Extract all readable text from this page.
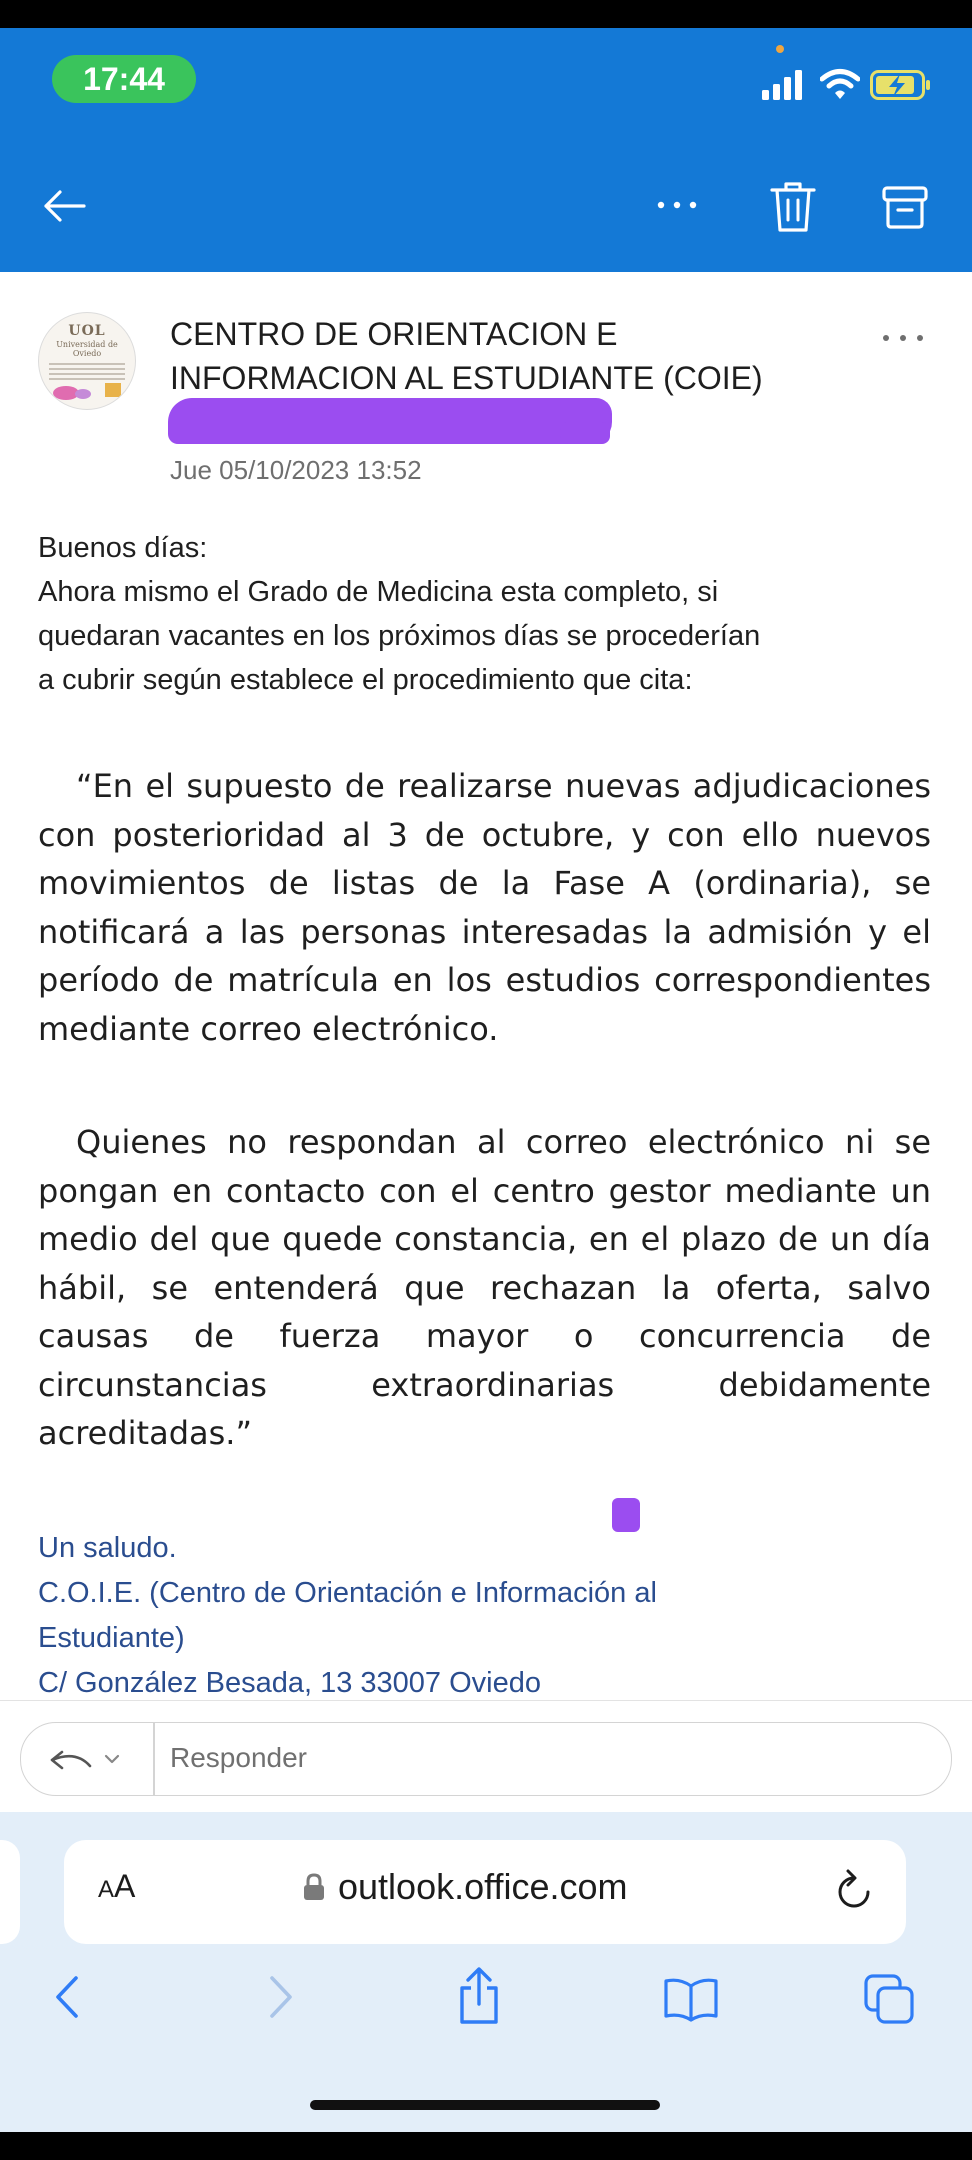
17:44
UOL
Universidad de Oviedo
CENTRO DE ORIENTACION E INFORMACION AL ESTUDIANTE (COIE)
Jue 05/10/2023 13:52
Buenos días:
Ahora mismo el Grado de Medicina esta completo, si
quedaran vacantes en los próximos días se procederían
a cubrir según establece el procedimiento que cita:
“En el supuesto de realizarse nuevas adjudicaciones con posterioridad al 3 de octubre, y con ello nuevos movimientos de listas de la Fase A (ordinaria), se notificará a las personas interesadas la admisión y el período de matrícula en los estudios correspondientes mediante correo electrónico.
Quienes no respondan al correo electrónico ni se pongan en contacto con el centro gestor mediante un medio del que quede constancia, en el plazo de un día hábil, se entenderá que rechazan la oferta, salvo causas de fuerza mayor o concurrencia de circunstancias extraordinarias debidamente acreditadas.”
Un saludo.
C.O.I.E. (Centro de Orientación e Información al
Estudiante)
C/ González Besada, 13 33007 Oviedo
Responder
AA	outlook.office.com
